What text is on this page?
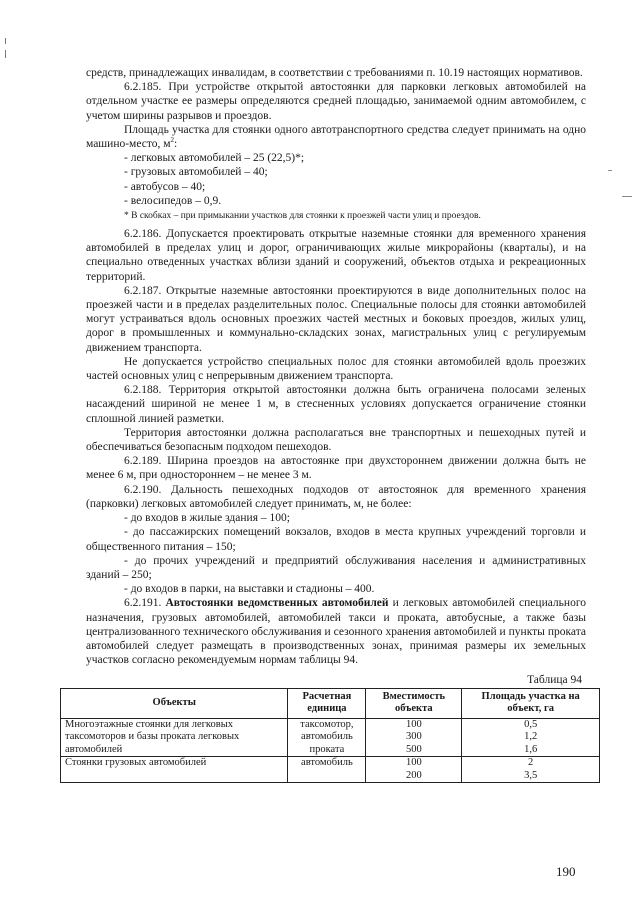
средств, принадлежащих инвалидам, в соответствии с требованиями п. 10.19 настоящих нормативов.

6.2.185. При устройстве открытой автостоянки для парковки легковых автомобилей на отдельном участке ее размеры определяются средней площадью, занимаемой одним автомобилем, с учетом ширины разрывов и проездов.

Площадь участка для стоянки одного автотранспортного средства следует принимать на одно машино-место, $м^2$:

- легковых автомобилей – 25 (22,5)*;

- грузовых автомобилей – 40;

- автобусов – 40;

- велосипедов – 0,9.

* В скобках – при примыкании участков для стоянки к проезжей части улиц и проездов.

6.2.186. Допускается проектировать открытые наземные стоянки для временного хранения автомобилей в пределах улиц и дорог, ограничивающих жилые микрорайоны (кварталы), и на специально отведенных участках вблизи зданий и сооружений, объектов отдыха и рекреационных территорий.

6.2.187. Открытые наземные автостоянки проектируются в виде дополнительных полос на проезжей части и в пределах разделительных полос. Специальные полосы для стоянки автомобилей могут устраиваться вдоль основных проезжих частей местных и боковых проездов, жилых улиц, дорог в промышленных и коммунально-складских зонах, магистральных улиц с регулируемым движением транспорта.

Не допускается устройство специальных полос для стоянки автомобилей вдоль проезжих частей основных улиц с непрерывным движением транспорта.

6.2.188. Территория открытой автостоянки должна быть ограничена полосами зеленых насаждений шириной не менее 1 м, в стесненных условиях допускается ограничение стоянки сплошной линией разметки.

Территория автостоянки должна располагаться вне транспортных и пешеходных путей и обеспечиваться безопасным подходом пешеходов.

6.2.189. Ширина проездов на автостоянке при двухстороннем движении должна быть не менее 6 м, при одностороннем – не менее 3 м.

6.2.190. Дальность пешеходных подходов от автостоянок для временного хранения (парковки) легковых автомобилей следует принимать, м, не более:

- до входов в жилые здания – 100;

- до пассажирских помещений вокзалов, входов в места крупных учреждений торговли и общественного питания – 150;

- до прочих учреждений и предприятий обслуживания населения и административных зданий – 250;

- до входов в парки, на выставки и стадионы – 400.

6.2.191. Автостоянки ведомственных автомобилей и легковых автомобилей специального назначения, грузовых автомобилей, автомобилей такси и проката, автобусные, а также базы централизованного технического обслуживания и сезонного хранения автомобилей и пункты проката автомобилей следует размещать в производственных зонах, принимая размеры их земельных участков согласно рекомендуемым нормам таблицы 94.

Таблица 94
Объекты	Расчетная единица	Вместимость объекта	Площадь участка на объект, га
Многоэтажные стоянки для легковых	таксомотор,	100	0,5
таксомоторов и базы проката легковых	автомобиль	300	1,2
автомобилей	проката	500	1,6
Стоянки грузовых автомобилей	автомобиль	100	2
		200	3,5
190
